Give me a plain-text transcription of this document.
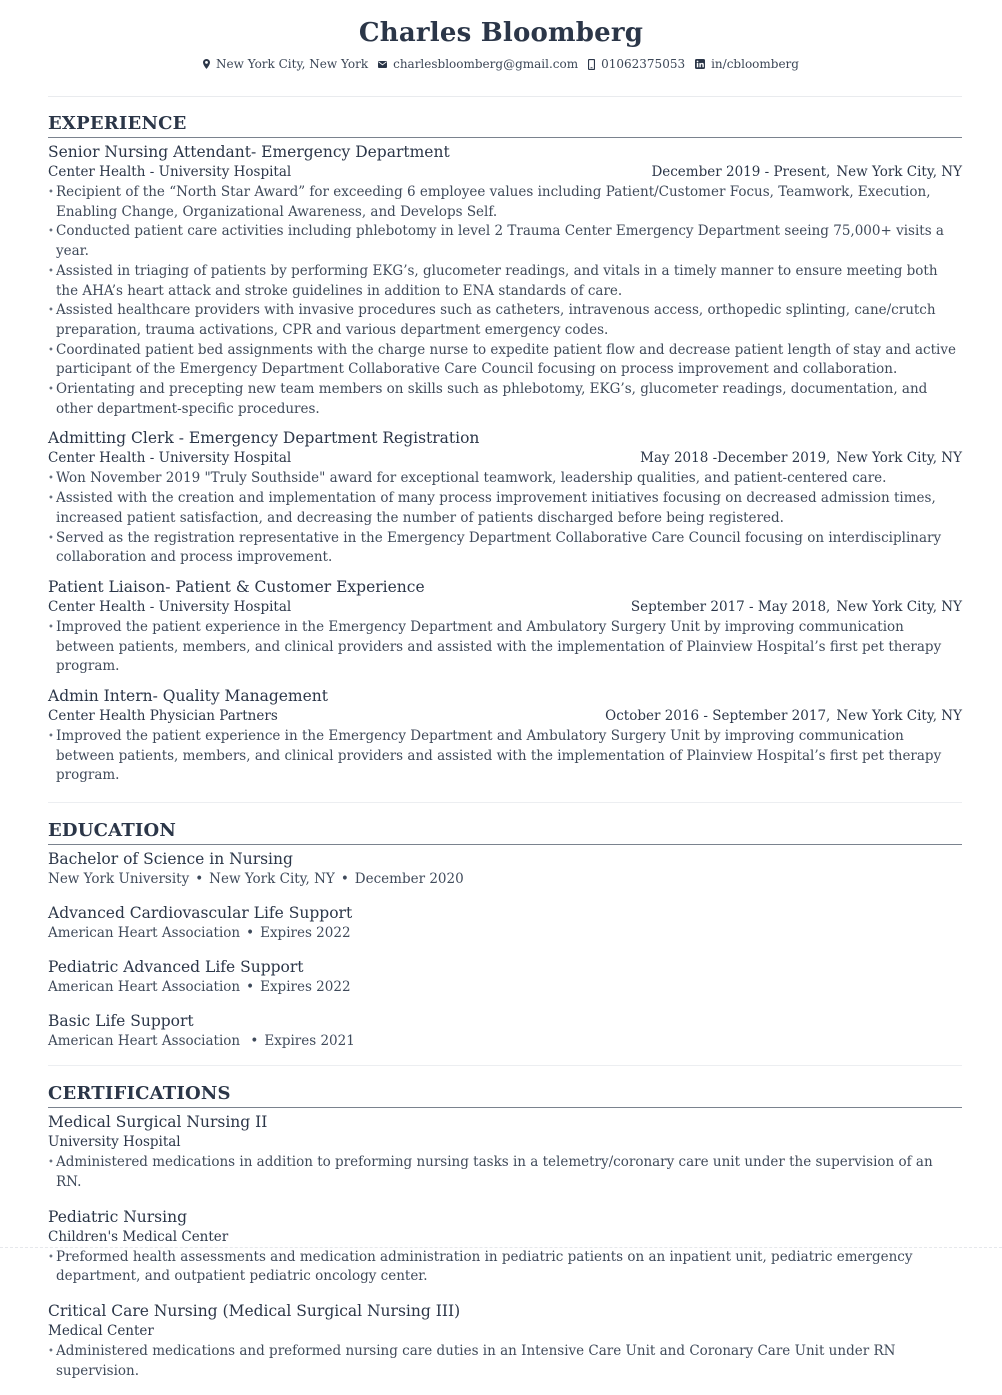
Charles Bloomberg
New York City, New York charlesbloomberg@gmail.com 01062375053 in/cbloomberg
EXPERIENCE
Senior Nursing Attendant- Emergency Department
Center Health - University Hospital	December 2019 - Present, New York City, NY
• Recipient of the “North Star Award” for exceeding 6 employee values including Patient/Customer Focus, Teamwork, Execution, Enabling Change, Organizational Awareness, and Develops Self.
• Conducted patient care activities including phlebotomy in level 2 Trauma Center Emergency Department seeing 75,000+ visits a year.
• Assisted in triaging of patients by performing EKG’s, glucometer readings, and vitals in a timely manner to ensure meeting both the AHA’s heart attack and stroke guidelines in addition to ENA standards of care.
• Assisted healthcare providers with invasive procedures such as catheters, intravenous access, orthopedic splinting, cane/crutch preparation, trauma activations, CPR and various department emergency codes.
• Coordinated patient bed assignments with the charge nurse to expedite patient flow and decrease patient length of stay and active participant of the Emergency Department Collaborative Care Council focusing on process improvement and collaboration.
• Orientating and precepting new team members on skills such as phlebotomy, EKG’s, glucometer readings, documentation, and other department-specific procedures.
Admitting Clerk - Emergency Department Registration
Center Health - University Hospital	May 2018 -December 2019, New York City, NY
• Won November 2019 "Truly Southside" award for exceptional teamwork, leadership qualities, and patient-centered care.
• Assisted with the creation and implementation of many process improvement initiatives focusing on decreased admission times, increased patient satisfaction, and decreasing the number of patients discharged before being registered.
• Served as the registration representative in the Emergency Department Collaborative Care Council focusing on interdisciplinary collaboration and process improvement.
Patient Liaison- Patient & Customer Experience
Center Health - University Hospital	September 2017 - May 2018, New York City, NY
• Improved the patient experience in the Emergency Department and Ambulatory Surgery Unit by improving communication between patients, members, and clinical providers and assisted with the implementation of Plainview Hospital’s first pet therapy program.
Admin Intern- Quality Management
Center Health Physician Partners	October 2016 - September 2017, New York City, NY
• Improved the patient experience in the Emergency Department and Ambulatory Surgery Unit by improving communication between patients, members, and clinical providers and assisted with the implementation of Plainview Hospital’s first pet therapy program.
EDUCATION
Bachelor of Science in Nursing
New York University • New York City, NY • December 2020
Advanced Cardiovascular Life Support
American Heart Association • Expires 2022
Pediatric Advanced Life Support
American Heart Association • Expires 2022
Basic Life Support
American Heart Association • Expires 2021
CERTIFICATIONS
Medical Surgical Nursing II
University Hospital
• Administered medications in addition to preforming nursing tasks in a telemetry/coronary care unit under the supervision of an RN.
Pediatric Nursing
Children's Medical Center
• Preformed health assessments and medication administration in pediatric patients on an inpatient unit, pediatric emergency department, and outpatient pediatric oncology center.
Critical Care Nursing (Medical Surgical Nursing III)
Medical Center
• Administered medications and preformed nursing care duties in an Intensive Care Unit and Coronary Care Unit under RN supervision.
